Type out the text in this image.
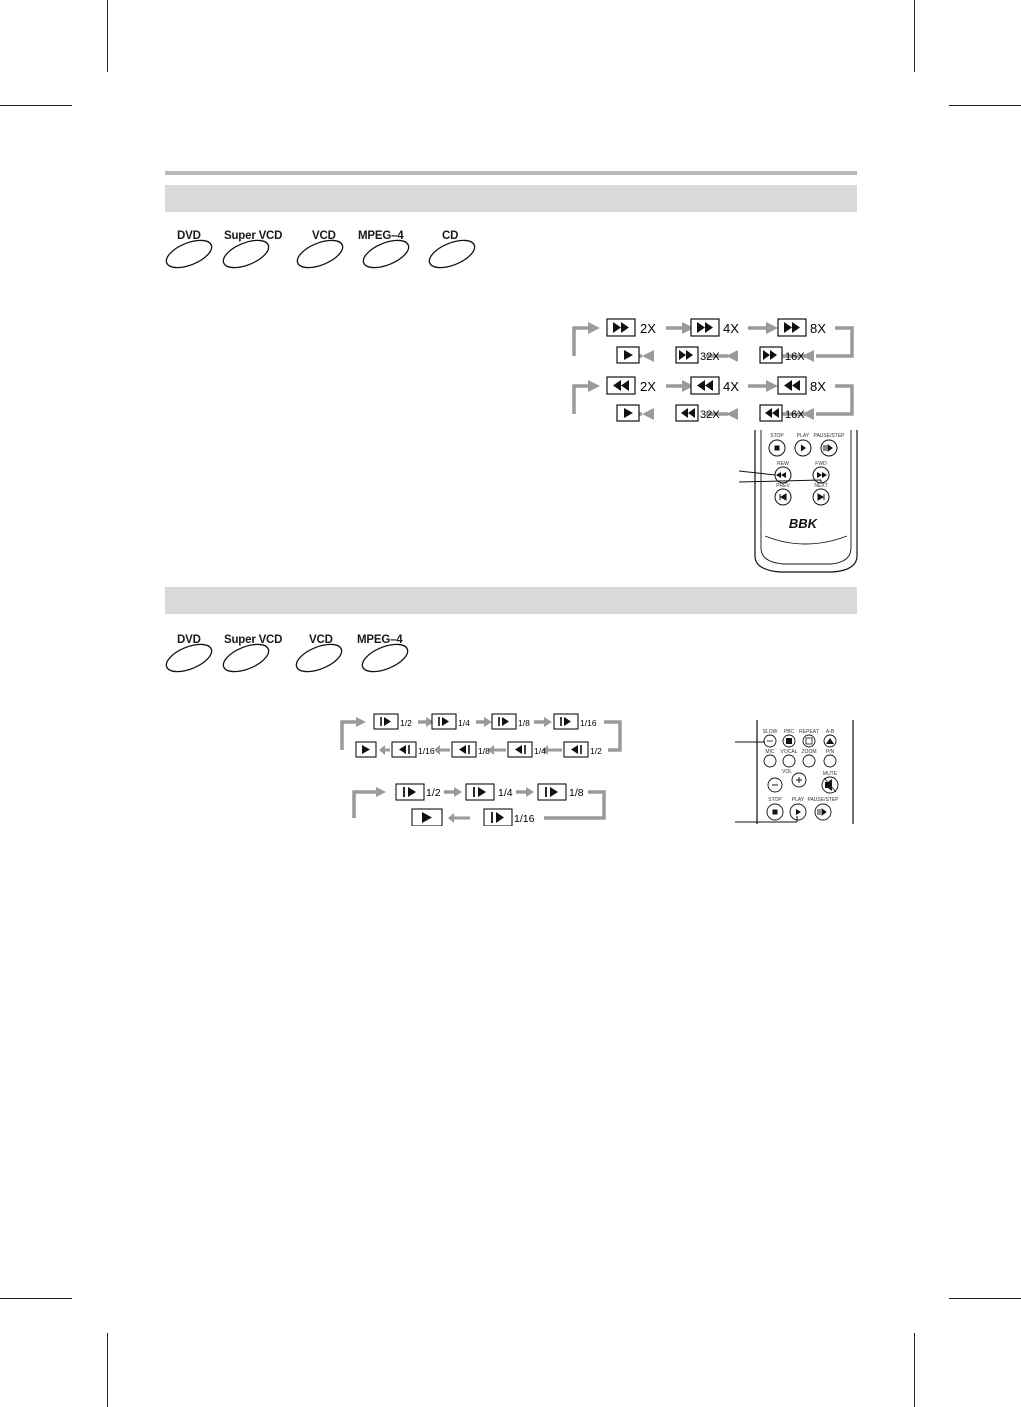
DVD Super VCD	VCD MPEG–4	CD
2X	4X	8X
16X
32X
2X	4X	8X
16X
32X
STOP	PLAY PAUSE/STEP
REW	FWD
PREV	NEXT
BBK
DVD Super VCD VCD MPEG–4
1/2	1/4	1/8	1/16
1/16	1/8	1/4	1/2
1/2	1/4	1/8
1/16
SLOW PBC REPEAT A-B
MIC VOCAL ZOOM P/N
VOL	MUTE
STOP PLAY PAUSE/STEP
